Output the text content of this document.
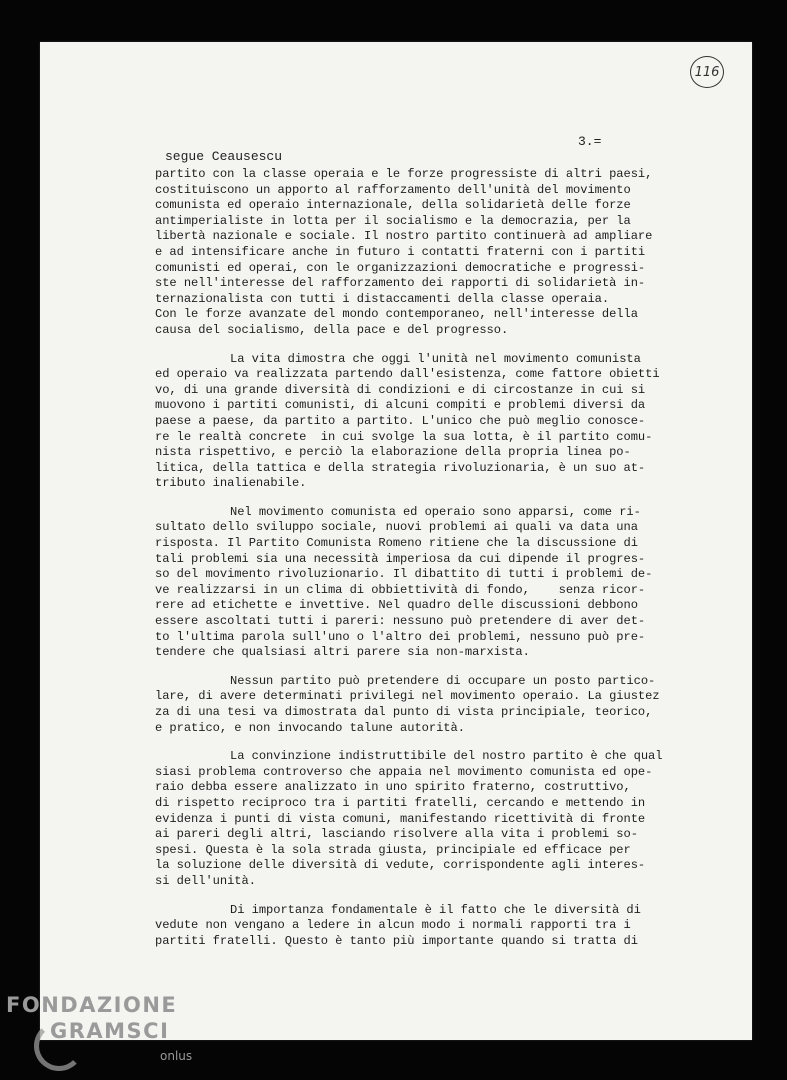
116
3.=
segue Ceausescu
partito con la classe operaia e le forze progressiste di altri paesi,
costituiscono un apporto al rafforzamento dell'unità del movimento
comunista ed operaio internazionale, della solidarietà delle forze
antimperialiste in lotta per il socialismo e la democrazia, per la
libertà nazionale e sociale. Il nostro partito continuerà ad ampliare
e ad intensificare anche in futuro i contatti fraterni con i partiti
comunisti ed operai, con le organizzazioni democratiche e progressi-
ste nell'interesse del rafforzamento dei rapporti di solidarietà in-
ternazionalista con tutti i distaccamenti della classe operaia.
Con le forze avanzate del mondo contemporaneo, nell'interesse della
causa del socialismo, della pace e del progresso.
La vita dimostra che oggi l'unità nel movimento comunista
ed operaio va realizzata partendo dall'esistenza, come fattore obietti
vo, di una grande diversità di condizioni e di circostanze in cui si
muovono i partiti comunisti, di alcuni compiti e problemi diversi da
paese a paese, da partito a partito. L'unico che può meglio conosce-
re le realtà concrete  in cui svolge la sua lotta, è il partito comu-
nista rispettivo, e perciò la elaborazione della propria linea po-
litica, della tattica e della strategia rivoluzionaria, è un suo at-
tributo inalienabile.
Nel movimento comunista ed operaio sono apparsi, come ri-
sultato dello sviluppo sociale, nuovi problemi ai quali va data una
risposta. Il Partito Comunista Romeno ritiene che la discussione di
tali problemi sia una necessità imperiosa da cui dipende il progres-
so del movimento rivoluzionario. Il dibattito di tutti i problemi de-
ve realizzarsi in un clima di obbiettività di fondo,    senza ricor-
rere ad etichette e invettive. Nel quadro delle discussioni debbono
essere ascoltati tutti i pareri: nessuno può pretendere di aver det-
to l'ultima parola sull'uno o l'altro dei problemi, nessuno può pre-
tendere che qualsiasi altri parere sia non-marxista.
Nessun partito può pretendere di occupare un posto partico-
lare, di avere determinati privilegi nel movimento operaio. La giustez
za di una tesi va dimostrata dal punto di vista principiale, teorico,
e pratico, e non invocando talune autorità.
La convinzione indistruttibile del nostro partito è che qual
siasi problema controverso che appaia nel movimento comunista ed ope-
raio debba essere analizzato in uno spirito fraterno, costruttivo,
di rispetto reciproco tra i partiti fratelli, cercando e mettendo in
evidenza i punti di vista comuni, manifestando ricettività di fronte
ai pareri degli altri, lasciando risolvere alla vita i problemi so-
spesi. Questa è la sola strada giusta, principiale ed efficace per
la soluzione delle diversità di vedute, corrispondente agli interes-
si dell'unità.
Di importanza fondamentale è il fatto che le diversità di
vedute non vengano a ledere in alcun modo i normali rapporti tra i
partiti fratelli. Questo è tanto più importante quando si tratta di
FONDAZIONE
GRAMSCI
onlus
